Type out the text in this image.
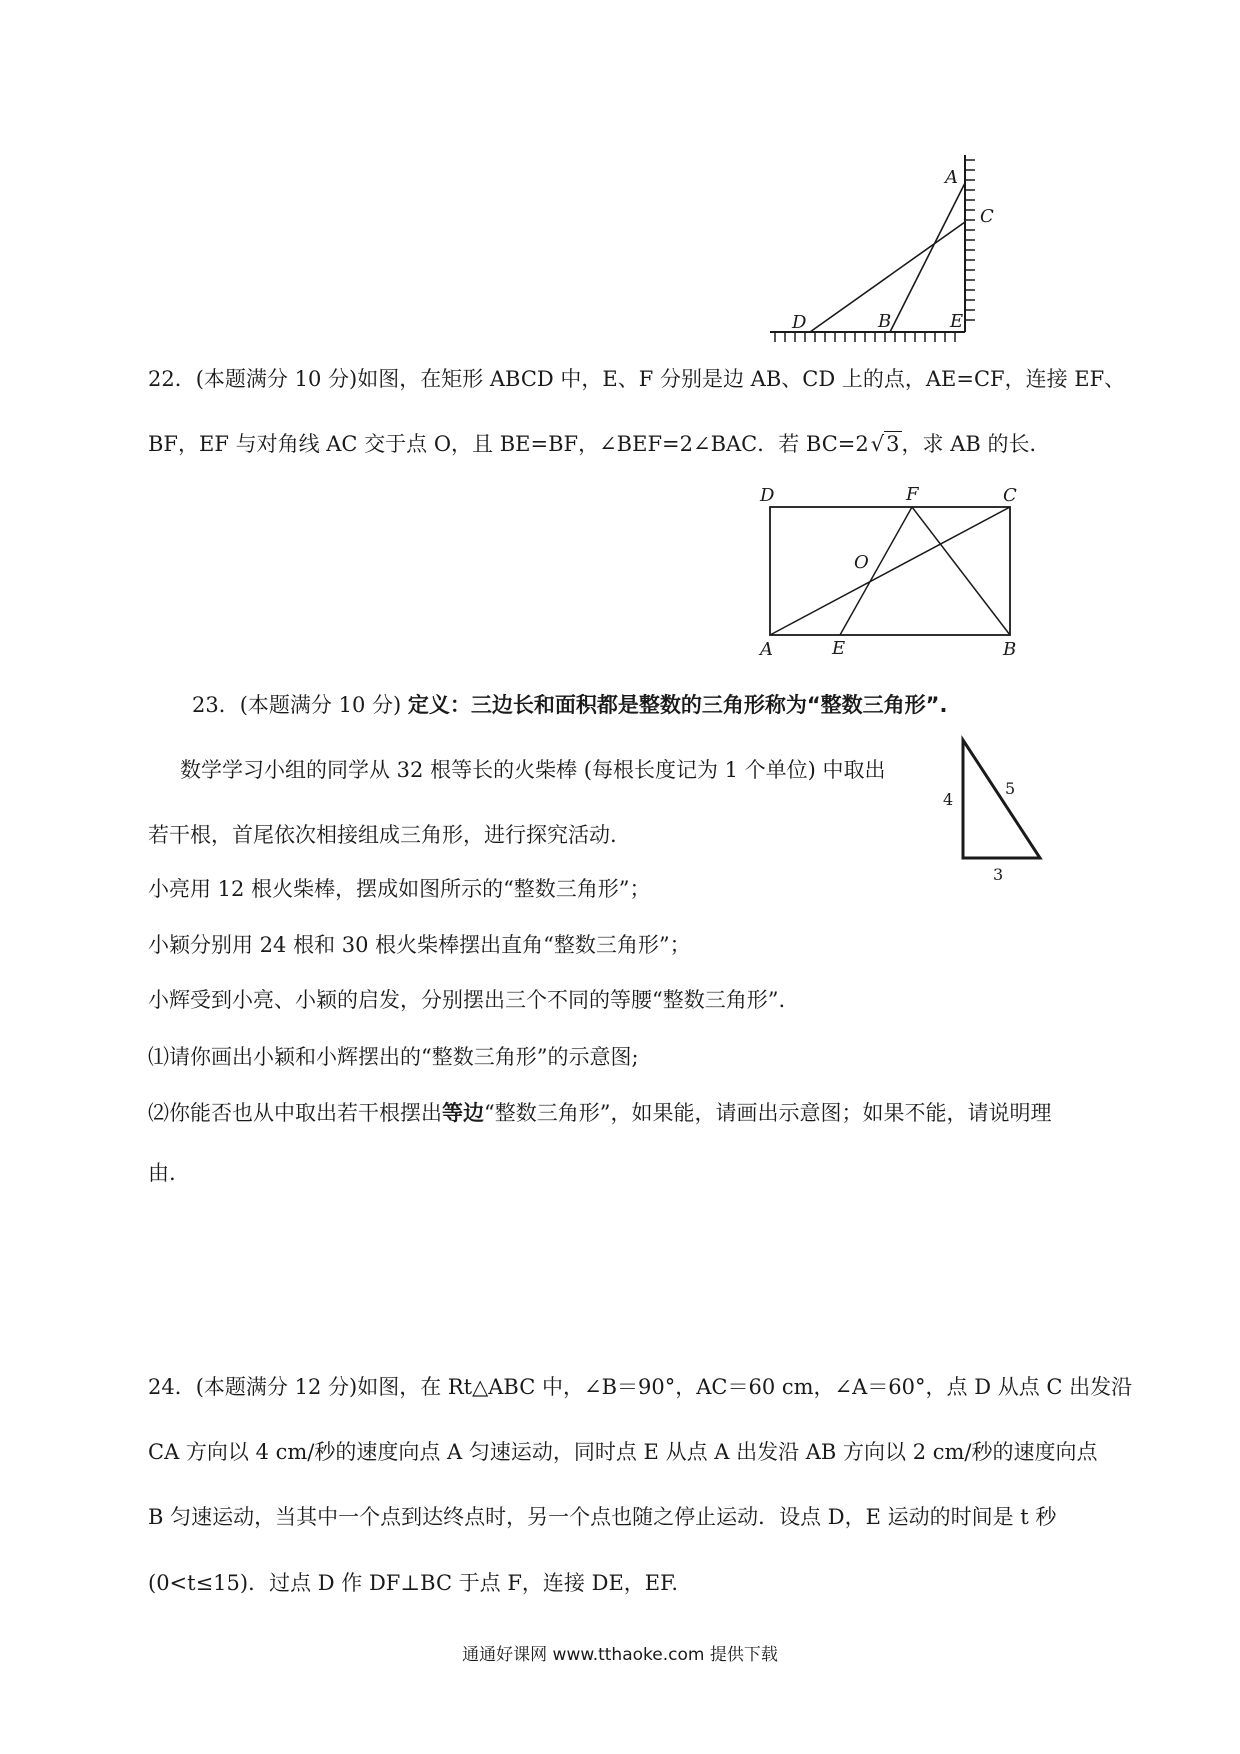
A
C
D	B	E
22．(本题满分 10 分)如图，在矩形 ABCD 中，E、F 分别是边 AB、CD 上的点，AE=CF，连接 EF、
BF，EF 与对角线 AC 交于点 O，且 BE=BF，∠BEF=2∠BAC．若 BC=2√3，求 AB 的长．
D	F	C
O
A	E	B
23．(本题满分 10 分) 定义：三边长和面积都是整数的三角形称为“整数三角形”.
数学学习小组的同学从 32 根等长的火柴棒 (每根长度记为 1 个单位) 中取出
若干根，首尾依次相接组成三角形，进行探究活动.
小亮用 12 根火柴棒，摆成如图所示的“整数三角形”；
小颖分别用 24 根和 30 根火柴棒摆出直角“整数三角形”；
小辉受到小亮、小颖的启发，分别摆出三个不同的等腰“整数三角形”.
⑴请你画出小颖和小辉摆出的“整数三角形”的示意图;
⑵你能否也从中取出若干根摆出等边“整数三角形”，如果能，请画出示意图；如果不能，请说明理
由.
4
5
3
24．(本题满分 12 分)如图，在 Rt△ABC 中，∠B＝90°，AC＝60 cm，∠A＝60°，点 D 从点 C 出发沿
CA 方向以 4 cm/秒的速度向点 A 匀速运动，同时点 E 从点 A 出发沿 AB 方向以 2 cm/秒的速度向点
B 匀速运动，当其中一个点到达终点时，另一个点也随之停止运动．设点 D，E 运动的时间是 t 秒
(0<t≤15)．过点 D 作 DF⊥BC 于点 F，连接 DE，EF.
通通好课网 www.tthaoke.com 提供下载
